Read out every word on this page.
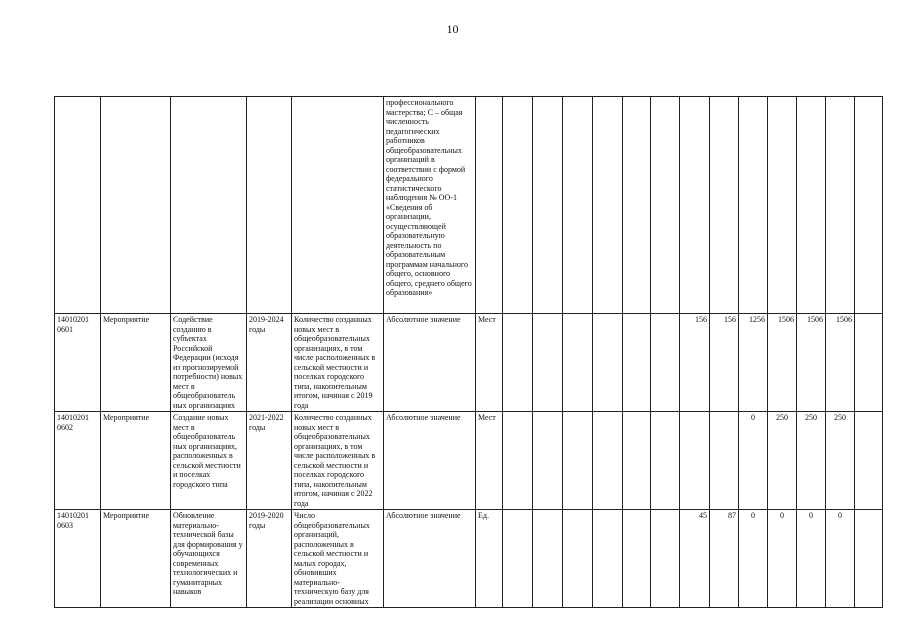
10
					профессионального мастерства; C – общая численность педагогических работников общеобразовательных организаций в соответствии с формой федерального статистического наблюдения № ОО-1 «Сведения об организации, осуществляющей образовательную деятельность по образовательным программам начального общего, основного общего, среднего общего образования»														
14010201 0601	Мероприятие	Содействие созданию в субъектах Российской Федерации (исходя из прогнозируемой потребности) новых мест в общеобразователь ных организациях	2019-2024 годы	Количество созданных новых мест в общеобразовательных организациях, в том числе расположенных в сельской местности и поселках городского типа, накопительным итогом, начиная с 2019 года	Абсолютное значение	Мест							156	156	1256	1506	1506	1506	
14010201 0602	Мероприятие	Создание новых мест в общеобразователь ных организациях, расположенных в сельской местности и поселках городского типа	2021-2022 годы	Количество созданных новых мест в общеобразовательных организациях, в том числе расположенных в сельской местности и поселках городского типа, накопительным итогом, начиная с 2022 года	Абсолютное значение	Мест									0	250	250	250	
14010201 0603	Мероприятие	Обновление материально-технической базы для формирования у обучающихся современных технологических и гуманитарных навыков	2019-2020 годы	Число общеобразовательных организаций, расположенных в сельской местности и малых городах, обновивших материально-техническую базу для реализации основных	Абсолютное значение	Ед.							45	87	0	0	0	0	
